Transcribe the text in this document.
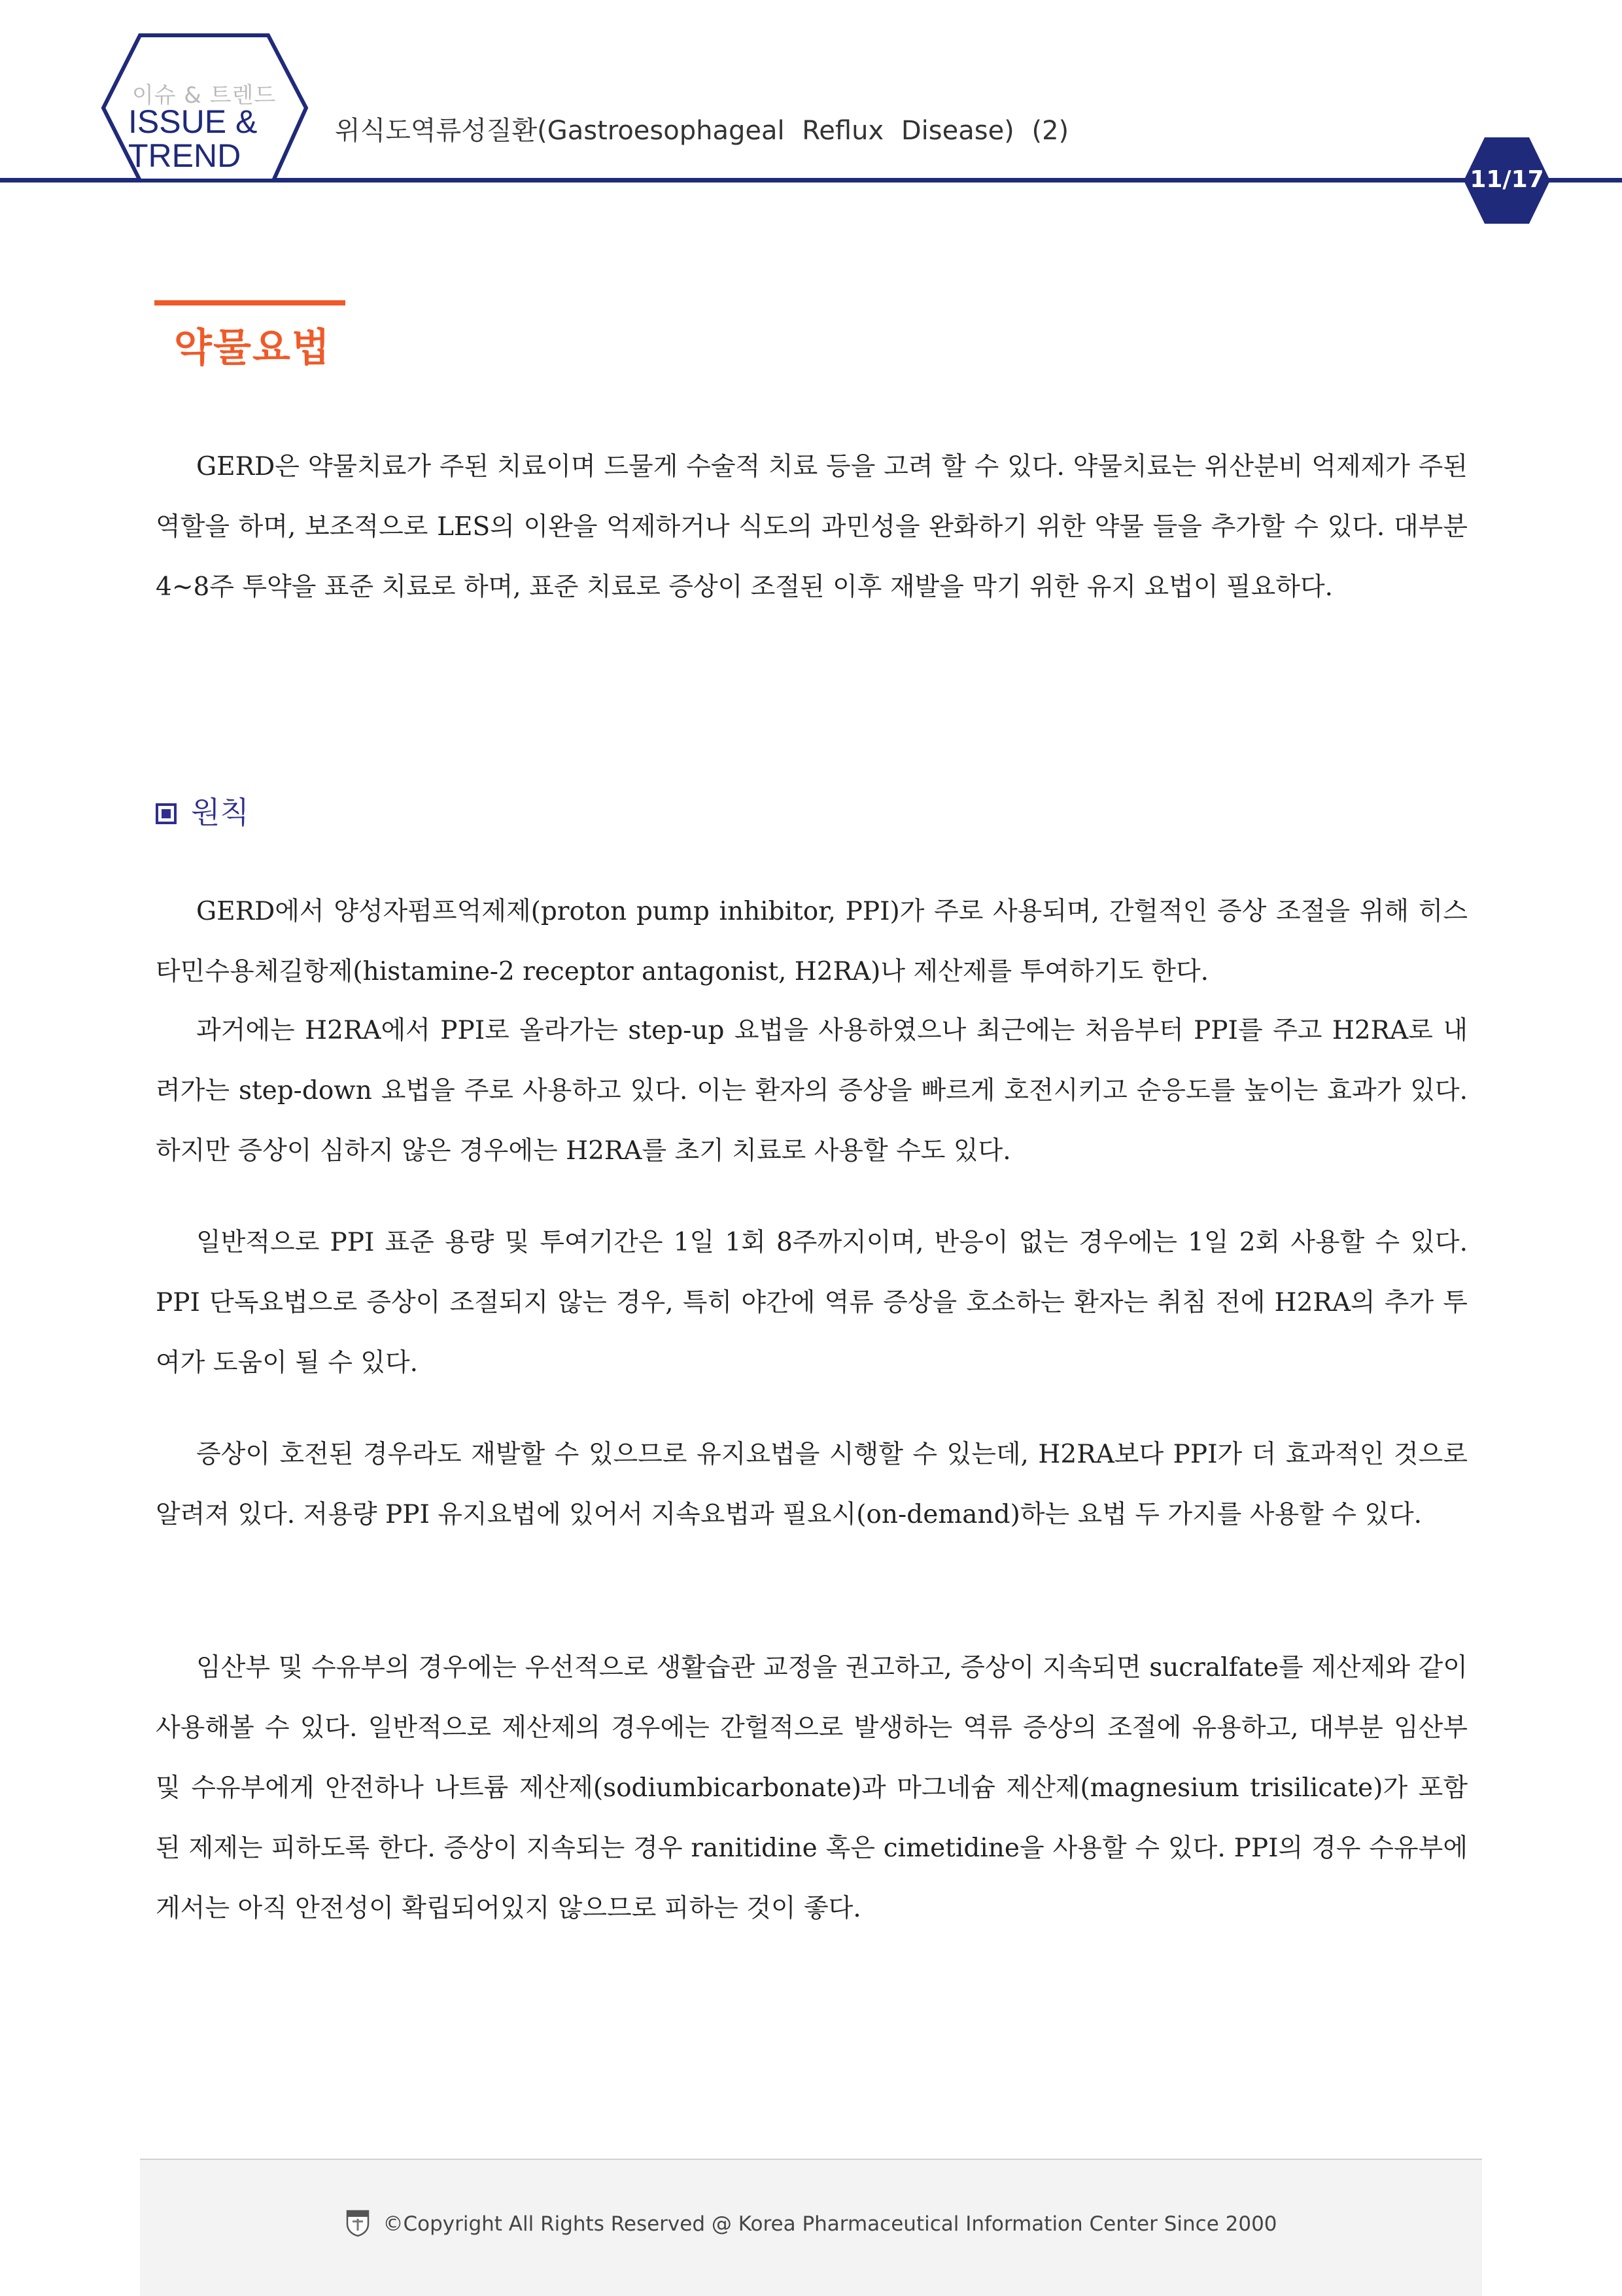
이슈 & 트렌드
ISSUE &
TREND
위식도역류성질환(Gastroesophageal Reflux Disease) (2)
11/17
약물요법

GERD은 약물치료가 주된 치료이며 드물게 수술적 치료 등을 고려 할 수 있다. 약물치료는 위산분비 억제제가 주된 역할을 하며, 보조적으로 LES의 이완을 억제하거나 식도의 과민성을 완화하기 위한 약물 들을 추가할 수 있다. 대부분 4~8주 투약을 표준 치료로 하며, 표준 치료로 증상이 조절된 이후 재발을 막기 위한 유지 요법이 필요하다.

원칙

GERD에서 양성자펌프억제제(proton pump inhibitor, PPI)가 주로 사용되며, 간헐적인 증상 조절을 위해 히스타민수용체길항제(histamine-2 receptor antagonist, H2RA)나 제산제를 투여하기도 한다.

과거에는 H2RA에서 PPI로 올라가는 step-up 요법을 사용하였으나 최근에는 처음부터 PPI를 주고 H2RA로 내려가는 step-down 요법을 주로 사용하고 있다. 이는 환자의 증상을 빠르게 호전시키고 순응도를 높이는 효과가 있다. 하지만 증상이 심하지 않은 경우에는 H2RA를 초기 치료로 사용할 수도 있다.

일반적으로 PPI 표준 용량 및 투여기간은 1일 1회 8주까지이며, 반응이 없는 경우에는 1일 2회 사용할 수 있다. PPI 단독요법으로 증상이 조절되지 않는 경우, 특히 야간에 역류 증상을 호소하는 환자는 취침 전에 H2RA의 추가 투여가 도움이 될 수 있다.

증상이 호전된 경우라도 재발할 수 있으므로 유지요법을 시행할 수 있는데, H2RA보다 PPI가 더 효과적인 것으로 알려져 있다. 저용량 PPI 유지요법에 있어서 지속요법과 필요시(on-demand)하는 요법 두 가지를 사용할 수 있다.

임산부 및 수유부의 경우에는 우선적으로 생활습관 교정을 권고하고, 증상이 지속되면 sucralfate를 제산제와 같이 사용해볼 수 있다. 일반적으로 제산제의 경우에는 간헐적으로 발생하는 역류 증상의 조절에 유용하고, 대부분 임산부 및 수유부에게 안전하나 나트륨 제산제(sodiumbicarbonate)과 마그네슘 제산제(magnesium trisilicate)가 포함된 제제는 피하도록 한다. 증상이 지속되는 경우 ranitidine 혹은 cimetidine을 사용할 수 있다. PPI의 경우 수유부에게서는 아직 안전성이 확립되어있지 않으므로 피하는 것이 좋다.

©Copyright All Rights Reserved @ Korea Pharmaceutical Information Center Since 2000
